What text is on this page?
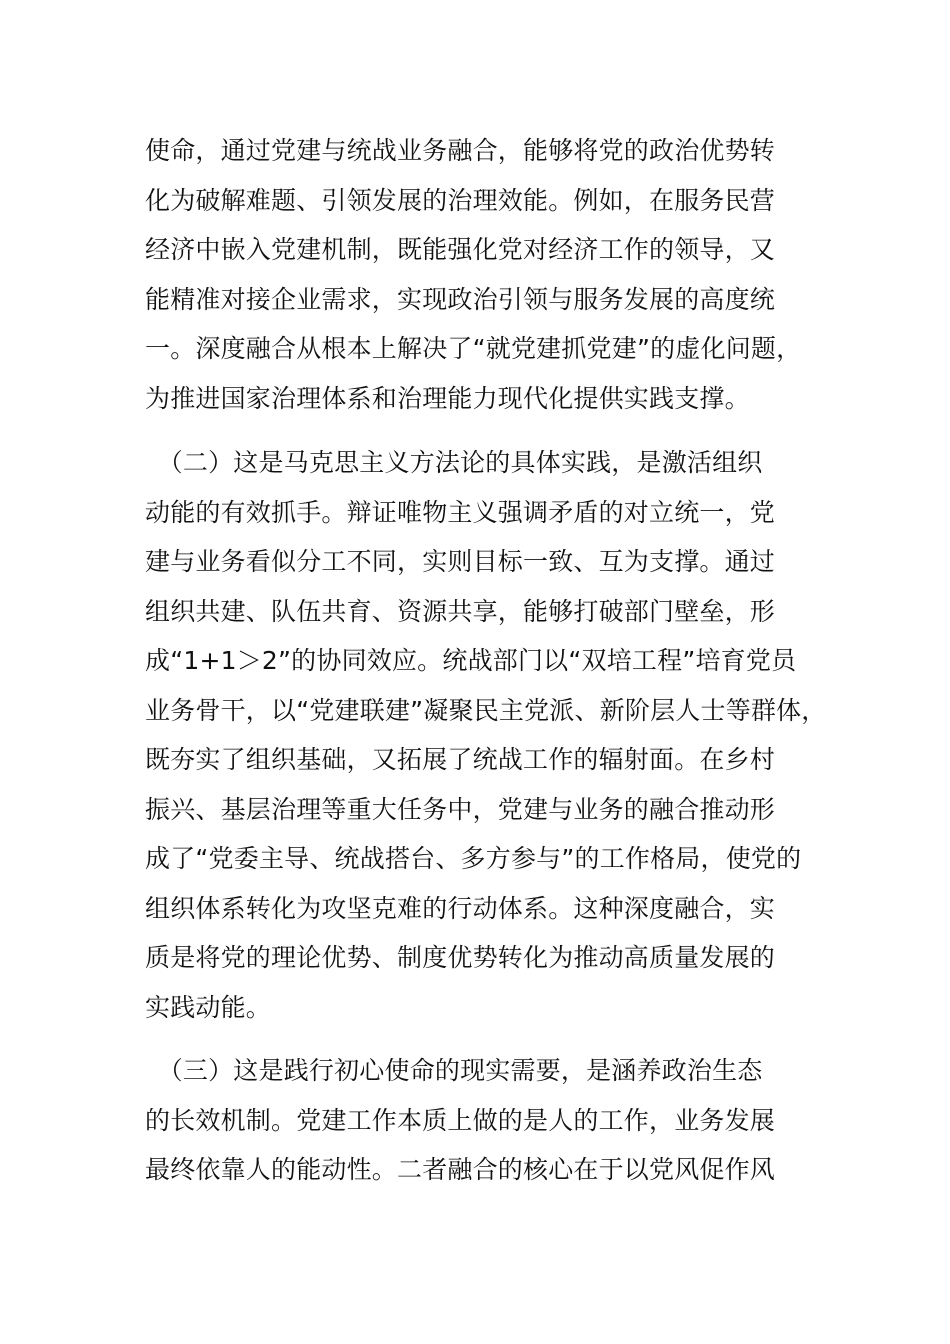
使命，通过党建与统战业务融合，能够将党的政治优势转
化为破解难题、引领发展的治理效能。例如，在服务民营
经济中嵌入党建机制，既能强化党对经济工作的领导，又
能精准对接企业需求，实现政治引领与服务发展的高度统
一。深度融合从根本上解决了“就党建抓党建”的虚化问题，
为推进国家治理体系和治理能力现代化提供实践支撑。
　（二）这是马克思主义方法论的具体实践，是激活组织
动能的有效抓手。辩证唯物主义强调矛盾的对立统一，党
建与业务看似分工不同，实则目标一致、互为支撑。通过
组织共建、队伍共育、资源共享，能够打破部门壁垒，形
成“1+1＞2”的协同效应。统战部门以“双培工程”培育党员
业务骨干，以“党建联建”凝聚民主党派、新阶层人士等群体，
既夯实了组织基础，又拓展了统战工作的辐射面。在乡村
振兴、基层治理等重大任务中，党建与业务的融合推动形
成了“党委主导、统战搭台、多方参与”的工作格局，使党的
组织体系转化为攻坚克难的行动体系。这种深度融合，实
质是将党的理论优势、制度优势转化为推动高质量发展的
实践动能。
　（三）这是践行初心使命的现实需要，是涵养政治生态
的长效机制。党建工作本质上做的是人的工作，业务发展
最终依靠人的能动性。二者融合的核心在于以党风促作风
